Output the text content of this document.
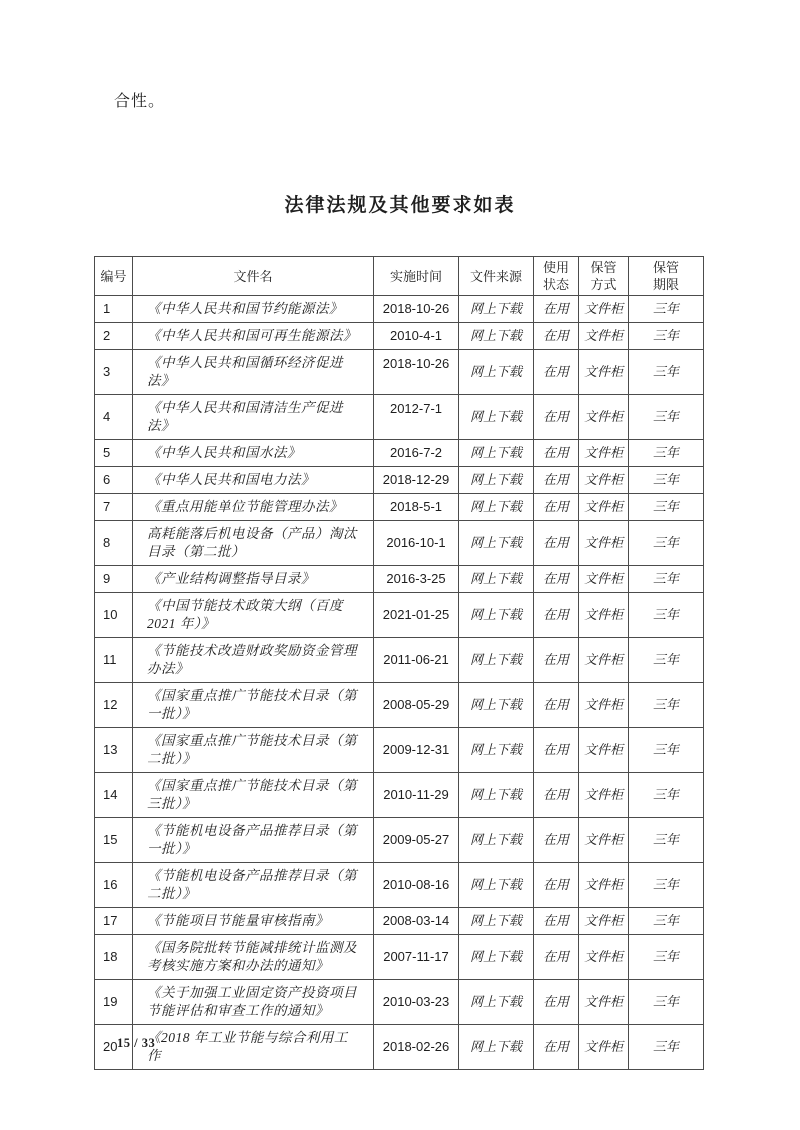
合性。

法律法规及其他要求如表
编号	文件名	实施时间	文件来源	使用状态	保管方式	保管期限
1	《中华人民共和国节约能源法》	2018-10-26	网上下载	在用	文件柜	三年
2	《中华人民共和国可再生能源法》	2010-4-1	网上下载	在用	文件柜	三年
3	《中华人民共和国循环经济促进法》	2018-10-26	网上下载	在用	文件柜	三年
4	《中华人民共和国清洁生产促进法》	2012-7-1	网上下载	在用	文件柜	三年
5	《中华人民共和国水法》	2016-7-2	网上下载	在用	文件柜	三年
6	《中华人民共和国电力法》	2018-12-29	网上下载	在用	文件柜	三年
7	《重点用能单位节能管理办法》	2018-5-1	网上下载	在用	文件柜	三年
8	高耗能落后机电设备（产品）淘汰目录（第二批）	2016-10-1	网上下载	在用	文件柜	三年
9	《产业结构调整指导目录》	2016-3-25	网上下载	在用	文件柜	三年
10	《中国节能技术政策大纲（百度 2021 年）》	2021-01-25	网上下载	在用	文件柜	三年
11	《节能技术改造财政奖励资金管理办法》	2011-06-21	网上下载	在用	文件柜	三年
12	《国家重点推广节能技术目录（第一批）》	2008-05-29	网上下载	在用	文件柜	三年
13	《国家重点推广节能技术目录（第二批）》	2009-12-31	网上下载	在用	文件柜	三年
14	《国家重点推广节能技术目录（第三批）》	2010-11-29	网上下载	在用	文件柜	三年
15	《节能机电设备产品推荐目录（第一批）》	2009-05-27	网上下载	在用	文件柜	三年
16	《节能机电设备产品推荐目录（第二批）》	2010-08-16	网上下载	在用	文件柜	三年
17	《节能项目节能量审核指南》	2008-03-14	网上下载	在用	文件柜	三年
18	《国务院批转节能减排统计监测及考核实施方案和办法的通知》	2007-11-17	网上下载	在用	文件柜	三年
19	《关于加强工业固定资产投资项目节能评估和审查工作的通知》	2010-03-23	网上下载	在用	文件柜	三年
20	《2018 年工业节能与综合利用工作	2018-02-26	网上下载	在用	文件柜	三年
15 / 33
